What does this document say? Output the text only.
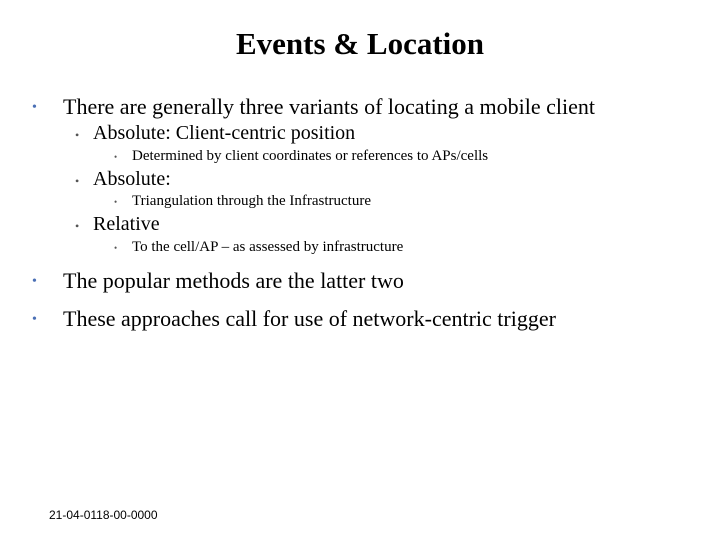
Events & Location
• There are generally three variants of locating a mobile client
• Absolute: Client-centric position
• Determined by client coordinates or references to APs/cells
• Absolute:
• Triangulation through the Infrastructure
• Relative
• To the cell/AP – as assessed by infrastructure
• The popular methods are the latter two
• These approaches call for use of network-centric trigger
21-04-0118-00-0000
